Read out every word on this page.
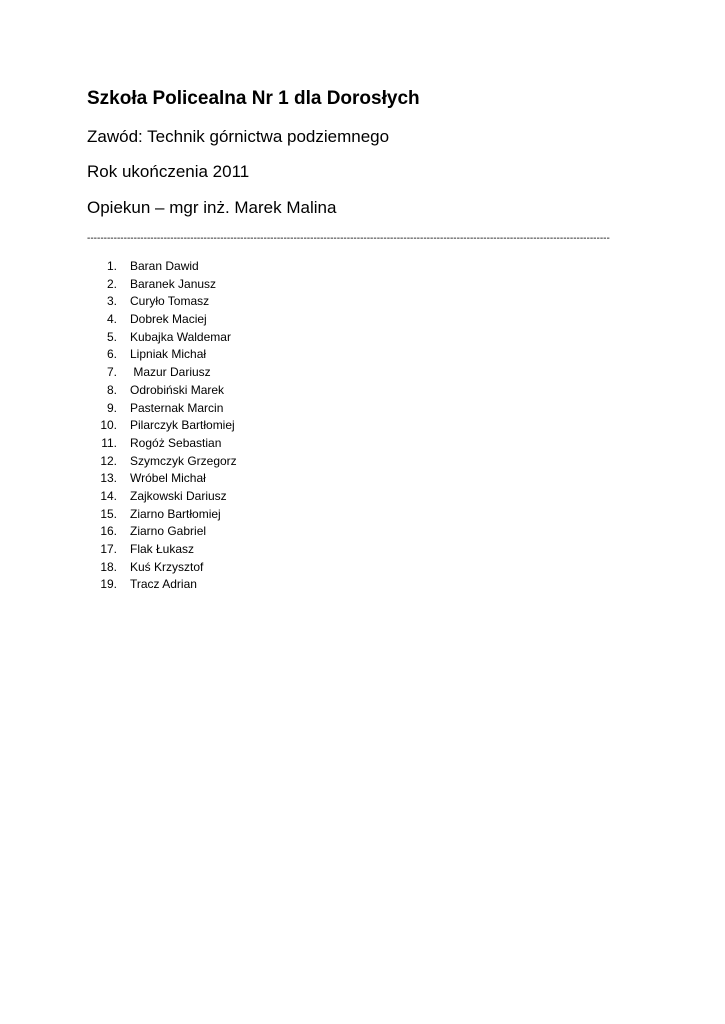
Szkoła Policealna Nr 1 dla Dorosłych
Zawód: Technik górnictwa podziemnego
Rok ukończenia 2011
Opiekun – mgr inż. Marek Malina
-------------------------------------------------------------------------------------------------------------------------------------------------------------
1.	Baran Dawid
2.	Baranek Janusz
3.	Curyło Tomasz
4.	Dobrek Maciej
5.	Kubajka Waldemar
6.	Lipniak Michał
7.	Mazur Dariusz
8.	Odrobiński Marek
9.	Pasternak Marcin
10.	Pilarczyk Bartłomiej
11.	Rogóż Sebastian
12.	Szymczyk Grzegorz
13.	Wróbel Michał
14.	Zajkowski Dariusz
15.	Ziarno Bartłomiej
16.	Ziarno Gabriel
17.	Flak Łukasz
18.	Kuś Krzysztof
19.	Tracz Adrian
